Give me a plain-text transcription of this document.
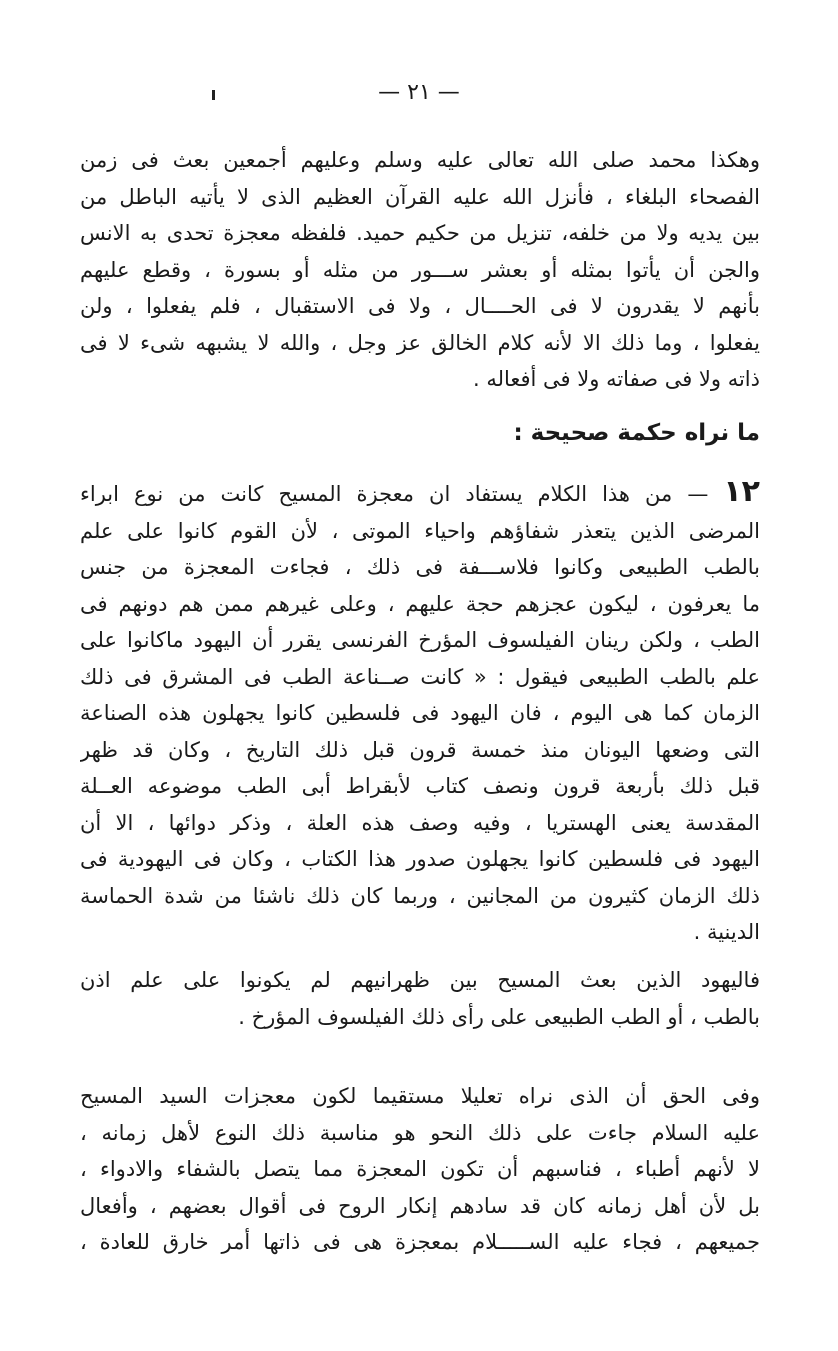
— ٢١ —

وهكذا محمد صلى الله تعالى عليه وسلم وعليهم أجمعين بعث فى زمن
الفصحاء البلغاء ، فأنزل الله عليه القرآن العظيم الذى لا يأتيه الباطل من
بين يديه ولا من خلفه، تنزيل من حكيم حميد. فلفظه معجزة تحدى به الانس
والجن أن يأتوا بمثله أو بعشر ســـور من مثله أو بسورة ، وقطع عليهم
بأنهم لا يقدرون لا فى الحــــال ، ولا فى الاستقبال ، فلم يفعلوا ، ولن
يفعلوا ، وما ذلك الا لأنه كلام الخالق عز وجل ، والله لا يشبهه شىء لا فى
ذاته ولا فى صفاته ولا فى أفعاله .

ما نراه حكمة صحيحة :

١٢ — من هذا الكلام يستفاد ان معجزة المسيح كانت من نوع ابراء
المرضى الذين يتعذر شفاؤهم واحياء الموتى ، لأن القوم كانوا على علم
بالطب الطبيعى وكانوا فلاســـفة فى ذلك ، فجاءت المعجزة من جنس
ما يعرفون ، ليكون عجزهم حجة عليهم ، وعلى غيرهم ممن هم دونهم فى
الطب ، ولكن رينان الفيلسوف المؤرخ الفرنسى يقرر أن اليهود ماكانوا على
علم بالطب الطبيعى فيقول : « كانت صــناعة الطب فى المشرق فى ذلك
الزمان كما هى اليوم ، فان اليهود فى فلسطين كانوا يجهلون هذه الصناعة
التى وضعها اليونان منذ خمسة قرون قبل ذلك التاريخ ، وكان قد ظهر
قبل ذلك بأربعة قرون ونصف كتاب لأبقراط أبى الطب موضوعه العــلة
المقدسة يعنى الهستريا ، وفيه وصف هذه العلة ، وذكر دوائها ، الا أن
اليهود فى فلسطين كانوا يجهلون صدور هذا الكتاب ، وكان فى اليهودية فى
ذلك الزمان كثيرون من المجانين ، وربما كان ذلك ناشئا من شدة الحماسة
الدينية .

فاليهود الذين بعث المسيح بين ظهرانيهم لم يكونوا على علم اذن
بالطب ، أو الطب الطبيعى على رأى ذلك الفيلسوف المؤرخ .

وفى الحق أن الذى نراه تعليلا مستقيما لكون معجزات السيد المسيح
عليه السلام جاءت على ذلك النحو هو مناسبة ذلك النوع لأهل زمانه ،
لا لأنهم أطباء ، فناسبهم أن تكون المعجزة مما يتصل بالشفاء والادواء ،
بل لأن أهل زمانه كان قد سادهم إنكار الروح فى أقوال بعضهم ، وأفعال
جميعهم ، فجاء عليه الســـــلام بمعجزة هى فى ذاتها أمر خارق للعادة ،
